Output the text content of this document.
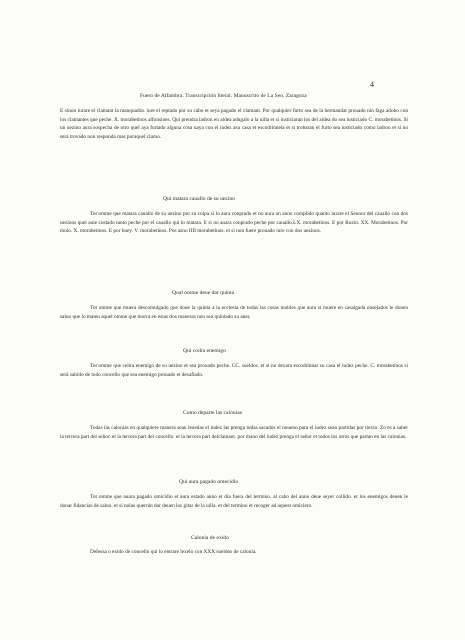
4
Fuero de Alfambra. Transcripción literal. Manuscrito de La Seo. Zaragoza

E sinon iurare el clamant la manquadra. iure el reptado por su cabo et seya pagado el clamant. Por qualquier furto sea de la hermandat prouado nin faga adobo con los clamantes que peche. X. morabetinos alfonsines. Qui prendra ladron en aldea adugalo a la uilla et si iusticiaran los del aldea do sea iusticiado C. morabetinos. Si un uezino aura sospecha de otro quel aya furtado alguna cosa uaya con el iudez asu casa et escodrinnela et si trobaran el furto sea iusticiado como ladron et si no será trovado non responda mas poraquel clamo.

Qui matara cauallo de su uezino

Tot omme que matara cauallo de su uezino por su culpa si lo aura conprado et no aura un anno complido quanto iurare el Sennor del cauallo con dos uezinos quel auie costado tanto peche por el cauallo qui lo matara. E si no auara conprado peche por cauallo.LX. morabetinos. E por Rozin. XX. Morabetinos. Por mulo. X. morabetinos. E por buey. V. morabetinos. Pos asno IIII morabetinos. et si non fuere prouado iure con dos uezinos.

Qual omme deue dar quinta

Tot omme que muera descomulgado que done la quinta a la ecclesia de todas las cosas mobles que aura si muere en casalgada onsejados le donen saluo que lo maten aquel omme que morra en estas dos maneras non sea quintado su auer.

Qui codra enemigo

Tot omme que celira enemigo de su uezino et sea prouado peche. CC. sueldos. et si no dexara escodrinnar su casa el iudez peche. C. morabetinos si será sabido de todo concello que sea enemigo prouado et desafiado.

Como departe las calonias

Todas las calonias en qualquiere manera sean leuedas el iudez las prenga todas sacados el noueno para el iudez sean partidas por tierzo. Zo es a saber la tercera part del señor. et la tercera part del concello. et la tercera part delclamant. por mano del iudez prenga el señor et todos los otros que partan en las calonias.

Qui aura pagado omecidio

Tot omme que auara pagado omicidio et aura estado anno et dia fuera del termino. al cabo del anno deue seyer collido. et los enemigos deuen le donar fidancias de saluo. et si nolas querrán dar deuen los gitar de la uilla. et del termino et recoger ad aquest omiciero.

Calonia de exido

Defessa o exido de concello qui lo entrare lexelo con XXX sueldos de calonia.
